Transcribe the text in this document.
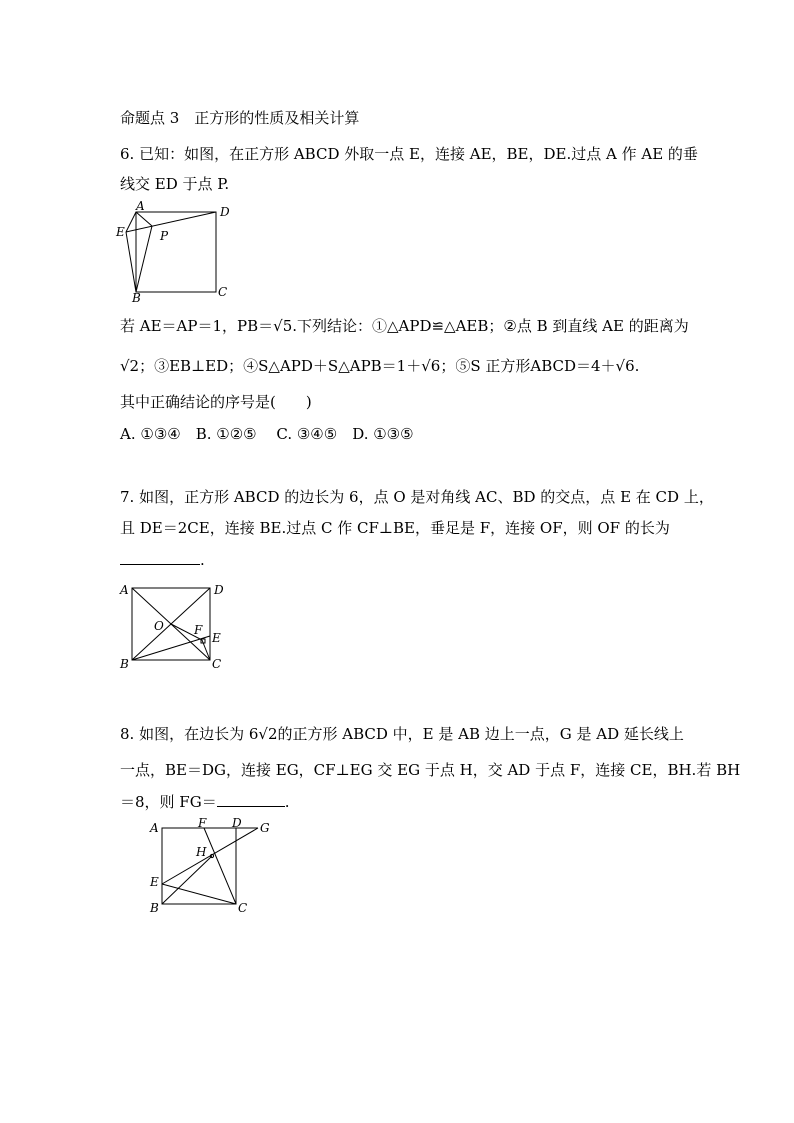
命题点 3　正方形的性质及相关计算
6. 已知：如图，在正方形 ABCD 外取一点 E，连接 AE，BE，DE.过点 A 作 AE 的垂
线交 ED 于点 P.
A	D
E	P
B	C
若 AE＝AP＝1，PB＝√5.下列结论：①△APD≌△AEB；②点 B 到直线 AE 的距离为
√2；③EB⊥ED；④S△APD＋S△APB＝1＋√6；⑤S 正方形ABCD＝4＋√6.
其中正确结论的序号是(　　)
A. ①③④　B. ①②⑤　 C. ③④⑤　D. ①③⑤
7. 如图，正方形 ABCD 的边长为 6，点 O 是对角线 AC、BD 的交点，点 E 在 CD 上，
且 DE＝2CE，连接 BE.过点 C 作 CF⊥BE，垂足是 F，连接 OF，则 OF 的长为
.
A	D
O	F
E
B	C
8. 如图，在边长为 6√2的正方形 ABCD 中，E 是 AB 边上一点，G 是 AD 延长线上
一点，BE＝DG，连接 EG，CF⊥EG 交 EG 于点 H，交 AD 于点 F，连接 CE，BH.若 BH
＝8，则 FG＝	.
A	F D G
H
E
B	C
